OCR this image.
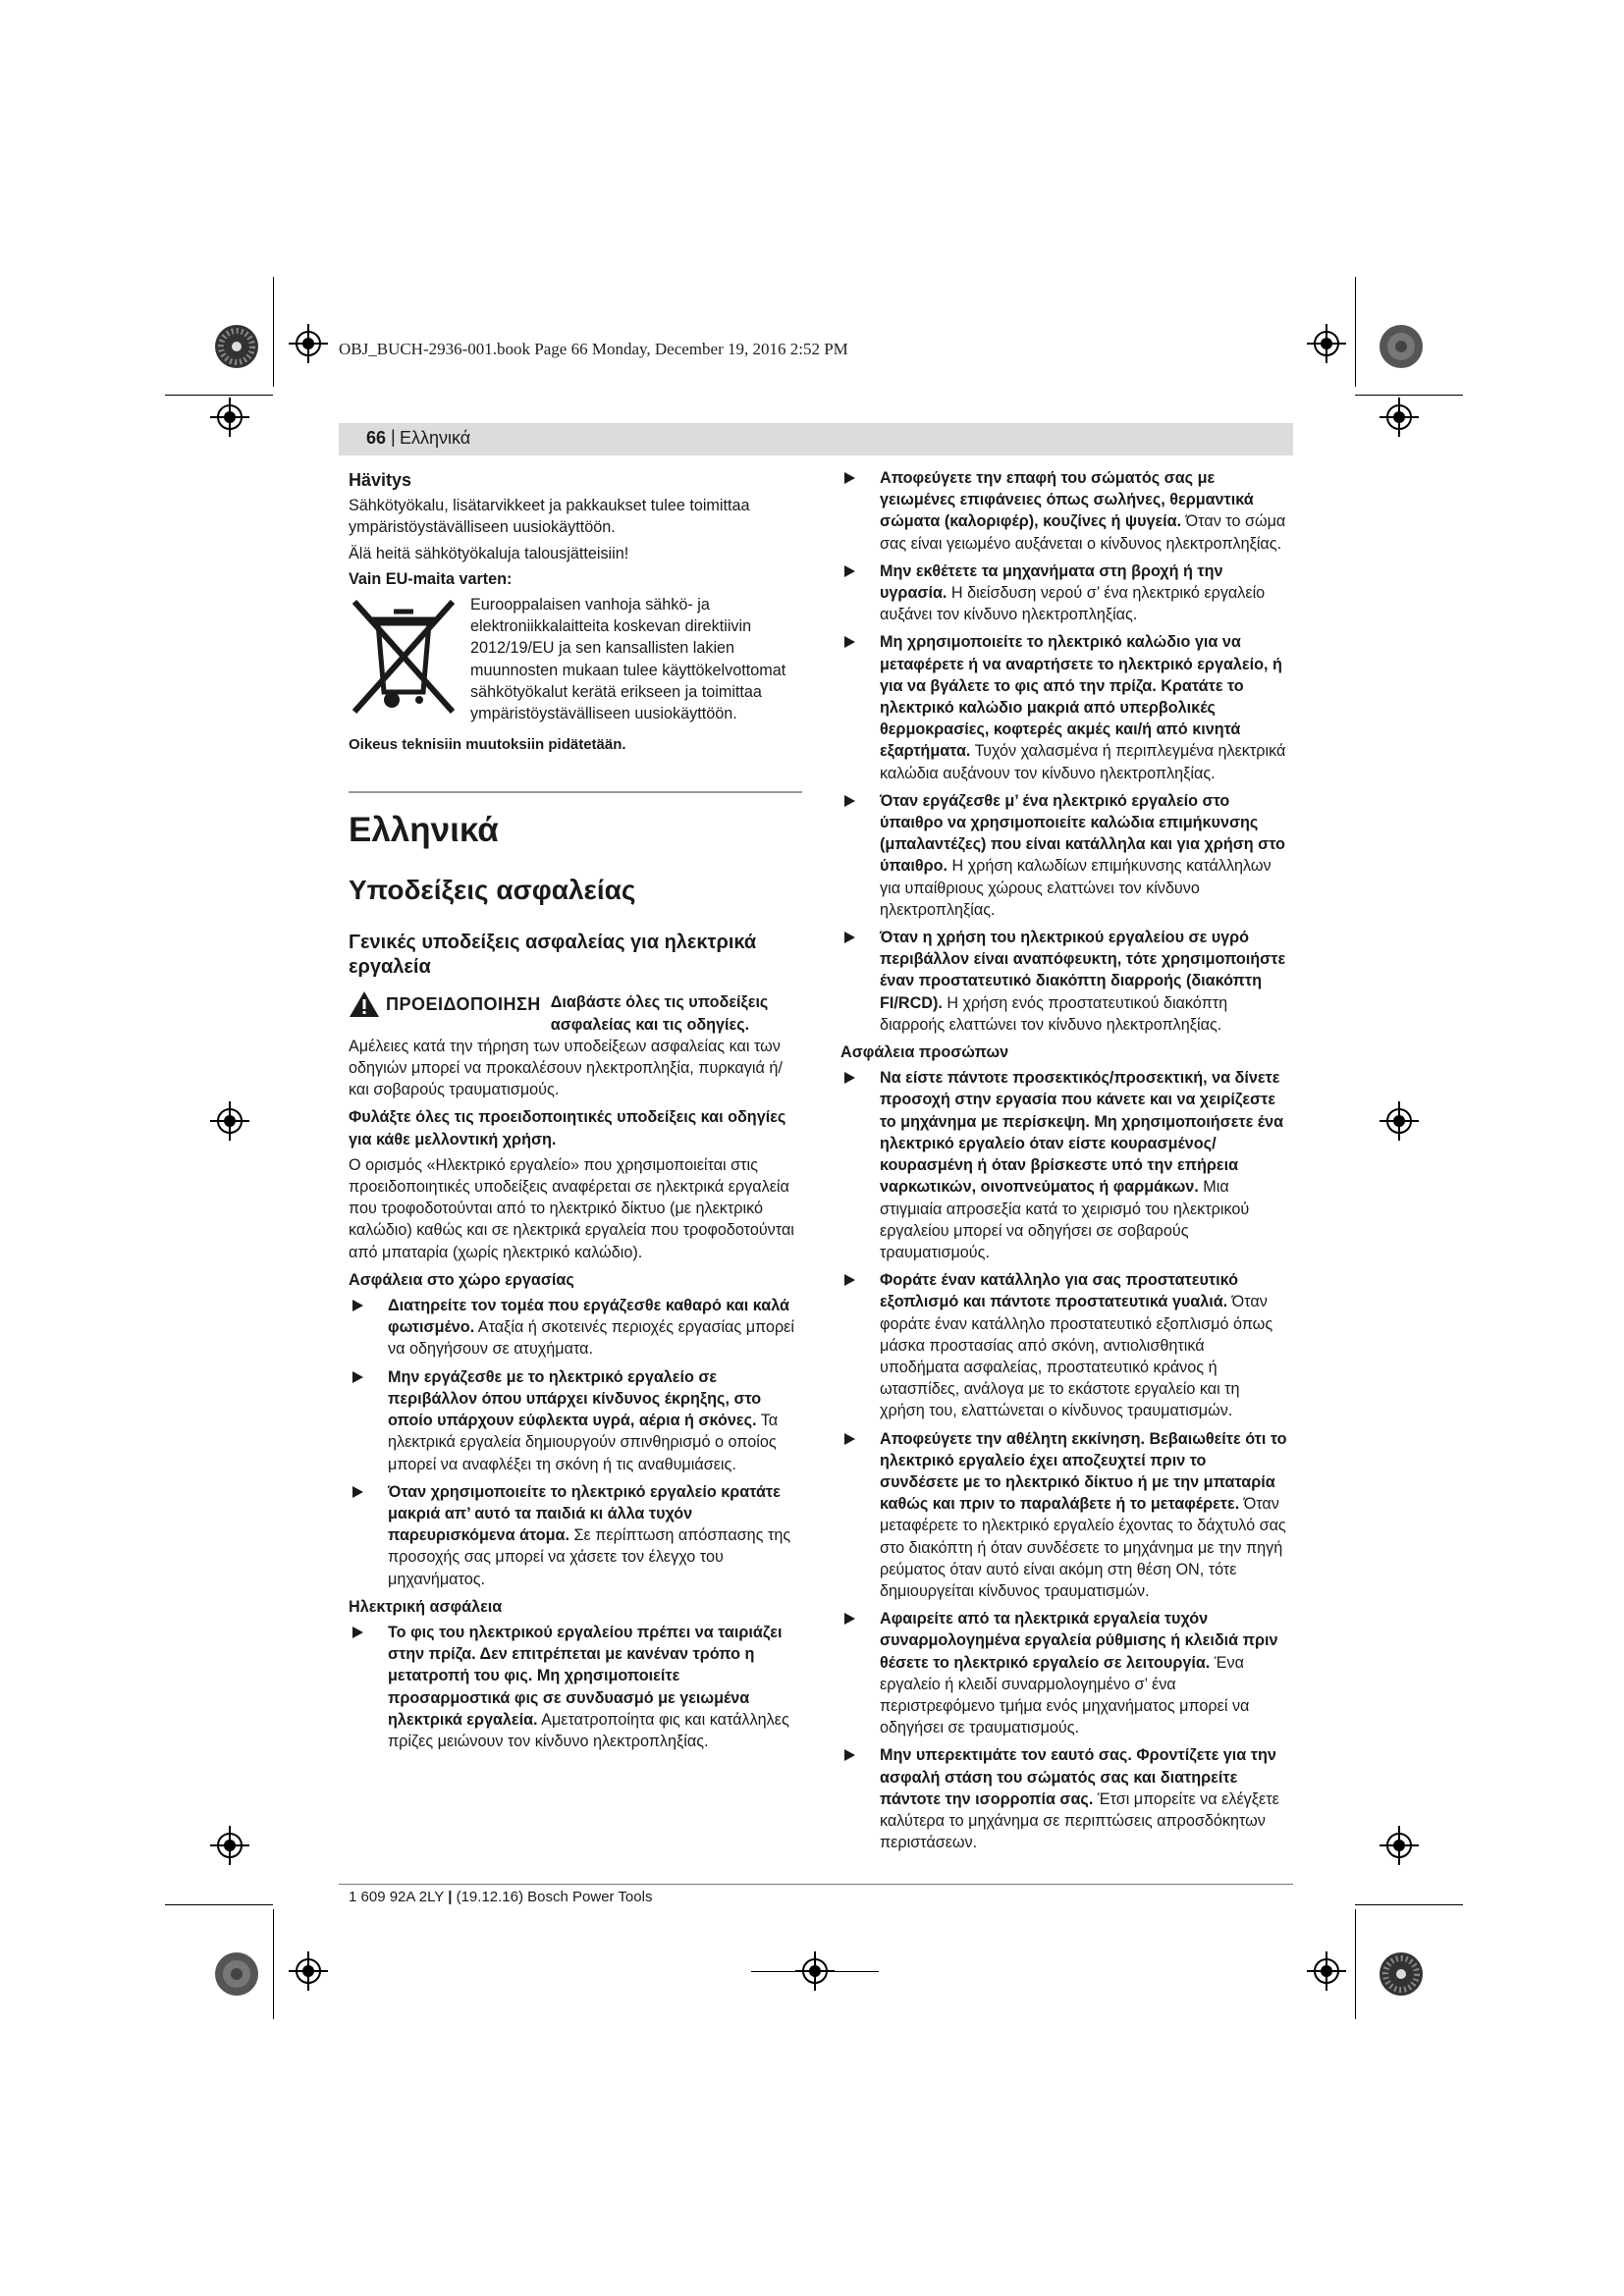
OBJ_BUCH-2936-001.book Page 66 Monday, December 19, 2016 2:52 PM
66 | Ελληνικά
Hävitys

Sähkötyökalu, lisätarvikkeet ja pakkaukset tulee toimittaa ympäristöystävälliseen uusiokäyttöön.

Älä heitä sähkötyökaluja talousjätteisiin!

Vain EU-maita varten:

Eurooppalaisen vanhoja sähkö- ja elektroniikkalaitteita koskevan direktiivin 2012/19/EU ja sen kansallisten lakien muunnosten mukaan tulee käyttökelvottomat sähkötyökalut kerätä erikseen ja toimittaa ympäristöystävälliseen uusiokäyttöön.

Oikeus teknisiin muutoksiin pidätetään.

Ελληνικά
Υποδείξεις ασφαλείας
Γενικές υποδείξεις ασφαλείας για ηλεκτρικά εργαλεία
ΠΡΟΕΙΔΟΠΟΙΗΣΗ Διαβάστε όλες τις υποδείξεις ασφαλείας και τις οδηγίες. Αμέλειες κατά την τήρηση των υποδείξεων ασφαλείας και των οδηγιών μπορεί να προκαλέσουν ηλεκτροπληξία, πυρκαγιά ή/και σοβαρούς τραυματισμούς.

Φυλάξτε όλες τις προειδοποιητικές υποδείξεις και οδηγίες για κάθε μελλοντική χρήση.

Ο ορισμός «Ηλεκτρικό εργαλείο» που χρησιμοποιείται στις προειδοποιητικές υποδείξεις αναφέρεται σε ηλεκτρικά εργαλεία που τροφοδοτούνται από το ηλεκτρικό δίκτυο (με ηλεκτρικό καλώδιο) καθώς και σε ηλεκτρικά εργαλεία που τροφοδοτούνται από μπαταρία (χωρίς ηλεκτρικό καλώδιο).

Ασφάλεια στο χώρο εργασίας
Διατηρείτε τον τομέα που εργάζεσθε καθαρό και καλά φωτισμένο. Αταξία ή σκοτεινές περιοχές εργασίας μπορεί να οδηγήσουν σε ατυχήματα.
Μην εργάζεσθε με το ηλεκτρικό εργαλείο σε περιβάλλον όπου υπάρχει κίνδυνος έκρηξης, στο οποίο υπάρχουν εύφλεκτα υγρά, αέρια ή σκόνες. Τα ηλεκτρικά εργαλεία δημιουργούν σπινθηρισμό ο οποίος μπορεί να αναφλέξει τη σκόνη ή τις αναθυμιάσεις.
Όταν χρησιμοποιείτε το ηλεκτρικό εργαλείο κρατάτε μακριά απ’ αυτό τα παιδιά κι άλλα τυχόν παρευρισκόμενα άτομα. Σε περίπτωση απόσπασης της προσοχής σας μπορεί να χάσετε τον έλεγχο του μηχανήματος.
Ηλεκτρική ασφάλεια
Το φις του ηλεκτρικού εργαλείου πρέπει να ταιριάζει στην πρίζα. Δεν επιτρέπεται με κανέναν τρόπο η μετατροπή του φις. Μη χρησιμοποιείτε προσαρμοστικά φις σε συνδυασμό με γειωμένα ηλεκτρικά εργαλεία. Αμετατροποίητα φις και κατάλληλες πρίζες μειώνουν τον κίνδυνο ηλεκτροπληξίας.
Αποφεύγετε την επαφή του σώματός σας με γειωμένες επιφάνειες όπως σωλήνες, θερμαντικά σώματα (καλοριφέρ), κουζίνες ή ψυγεία. Όταν το σώμα σας είναι γειωμένο αυξάνεται ο κίνδυνος ηλεκτροπληξίας.
Μην εκθέτετε τα μηχανήματα στη βροχή ή την υγρασία. Η διείσδυση νερού σ’ ένα ηλεκτρικό εργαλείο αυξάνει τον κίνδυνο ηλεκτροπληξίας.
Μη χρησιμοποιείτε το ηλεκτρικό καλώδιο για να μεταφέρετε ή να αναρτήσετε το ηλεκτρικό εργαλείο, ή για να βγάλετε το φις από την πρίζα. Κρατάτε το ηλεκτρικό καλώδιο μακριά από υπερβολικές θερμοκρασίες, κοφτερές ακμές και/ή από κινητά εξαρτήματα. Τυχόν χαλασμένα ή περιπλεγμένα ηλεκτρικά καλώδια αυξάνουν τον κίνδυνο ηλεκτροπληξίας.
Όταν εργάζεσθε μ’ ένα ηλεκτρικό εργαλείο στο ύπαιθρο να χρησιμοποιείτε καλώδια επιμήκυνσης (μπαλαντέζες) που είναι κατάλληλα και για χρήση στο ύπαιθρο. Η χρήση καλωδίων επιμήκυνσης κατάλληλων για υπαίθριους χώρους ελαττώνει τον κίνδυνο ηλεκτροπληξίας.
Όταν η χρήση του ηλεκτρικού εργαλείου σε υγρό περιβάλλον είναι αναπόφευκτη, τότε χρησιμοποιήστε έναν προστατευτικό διακόπτη διαρροής (διακόπτη FI/RCD). Η χρήση ενός προστατευτικού διακόπτη διαρροής ελαττώνει τον κίνδυνο ηλεκτροπληξίας.
Ασφάλεια προσώπων
Να είστε πάντοτε προσεκτικός/προσεκτική, να δίνετε προσοχή στην εργασία που κάνετε και να χειρίζεστε το μηχάνημα με περίσκεψη. Μη χρησιμοποιήσετε ένα ηλεκτρικό εργαλείο όταν είστε κουρασμένος/κουρασμένη ή όταν βρίσκεστε υπό την επήρεια ναρκωτικών, οινοπνεύματος ή φαρμάκων. Μια στιγμιαία απροσεξία κατά το χειρισμό του ηλεκτρικού εργαλείου μπορεί να οδηγήσει σε σοβαρούς τραυματισμούς.
Φοράτε έναν κατάλληλο για σας προστατευτικό εξοπλισμό και πάντοτε προστατευτικά γυαλιά. Όταν φοράτε έναν κατάλληλο προστατευτικό εξοπλισμό όπως μάσκα προστασίας από σκόνη, αντιολισθητικά υποδήματα ασφαλείας, προστατευτικό κράνος ή ωτασπίδες, ανάλογα με το εκάστοτε εργαλείο και τη χρήση του, ελαττώνεται ο κίνδυνος τραυματισμών.
Αποφεύγετε την αθέλητη εκκίνηση. Βεβαιωθείτε ότι το ηλεκτρικό εργαλείο έχει αποζευχτεί πριν το συνδέσετε με το ηλεκτρικό δίκτυο ή με την μπαταρία καθώς και πριν το παραλάβετε ή το μεταφέρετε. Όταν μεταφέρετε το ηλεκτρικό εργαλείο έχοντας το δάχτυλό σας στο διακόπτη ή όταν συνδέσετε το μηχάνημα με την πηγή ρεύματος όταν αυτό είναι ακόμη στη θέση ON, τότε δημιουργείται κίνδυνος τραυματισμών.
Αφαιρείτε από τα ηλεκτρικά εργαλεία τυχόν συναρμολογημένα εργαλεία ρύθμισης ή κλειδιά πριν θέσετε το ηλεκτρικό εργαλείο σε λειτουργία. Ένα εργαλείο ή κλειδί συναρμολογημένο σ’ ένα περιστρεφόμενο τμήμα ενός μηχανήματος μπορεί να οδηγήσει σε τραυματισμούς.
Μην υπερεκτιμάτε τον εαυτό σας. Φροντίζετε για την ασφαλή στάση του σώματός σας και διατηρείτε πάντοτε την ισορροπία σας. Έτσι μπορείτε να ελέγξετε καλύτερα το μηχάνημα σε περιπτώσεις απροσδόκητων περιστάσεων.
1 609 92A 2LY | (19.12.16) Bosch Power Tools
